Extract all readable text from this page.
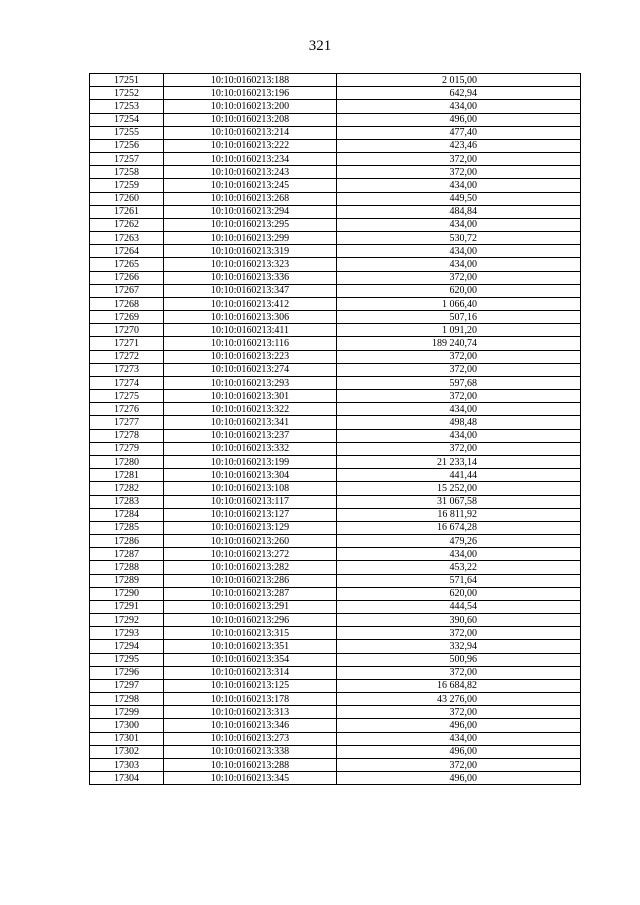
321
17251	10:10:0160213:188	2 015,00
17252	10:10:0160213:196	642,94
17253	10:10:0160213:200	434,00
17254	10:10:0160213:208	496,00
17255	10:10:0160213:214	477,40
17256	10:10:0160213:222	423,46
17257	10:10:0160213:234	372,00
17258	10:10:0160213:243	372,00
17259	10:10:0160213:245	434,00
17260	10:10:0160213:268	449,50
17261	10:10:0160213:294	484,84
17262	10:10:0160213:295	434,00
17263	10:10:0160213:299	530,72
17264	10:10:0160213:319	434,00
17265	10:10:0160213:323	434,00
17266	10:10:0160213:336	372,00
17267	10:10:0160213:347	620,00
17268	10:10:0160213:412	1 066,40
17269	10:10:0160213:306	507,16
17270	10:10:0160213:411	1 091,20
17271	10:10:0160213:116	189 240,74
17272	10:10:0160213:223	372,00
17273	10:10:0160213:274	372,00
17274	10:10:0160213:293	597,68
17275	10:10:0160213:301	372,00
17276	10:10:0160213:322	434,00
17277	10:10:0160213:341	498,48
17278	10:10:0160213:237	434,00
17279	10:10:0160213:332	372,00
17280	10:10:0160213:199	21 233,14
17281	10:10:0160213:304	441,44
17282	10:10:0160213:108	15 252,00
17283	10:10:0160213:117	31 067,58
17284	10:10:0160213:127	16 811,92
17285	10:10:0160213:129	16 674,28
17286	10:10:0160213:260	479,26
17287	10:10:0160213:272	434,00
17288	10:10:0160213:282	453,22
17289	10:10:0160213:286	571,64
17290	10:10:0160213:287	620,00
17291	10:10:0160213:291	444,54
17292	10:10:0160213:296	390,60
17293	10:10:0160213:315	372,00
17294	10:10:0160213:351	332,94
17295	10:10:0160213:354	500,96
17296	10:10:0160213:314	372,00
17297	10:10:0160213:125	16 684,82
17298	10:10:0160213:178	43 276,00
17299	10:10:0160213:313	372,00
17300	10:10:0160213:346	496,00
17301	10:10:0160213:273	434,00
17302	10:10:0160213:338	496,00
17303	10:10:0160213:288	372,00
17304	10:10:0160213:345	496,00
